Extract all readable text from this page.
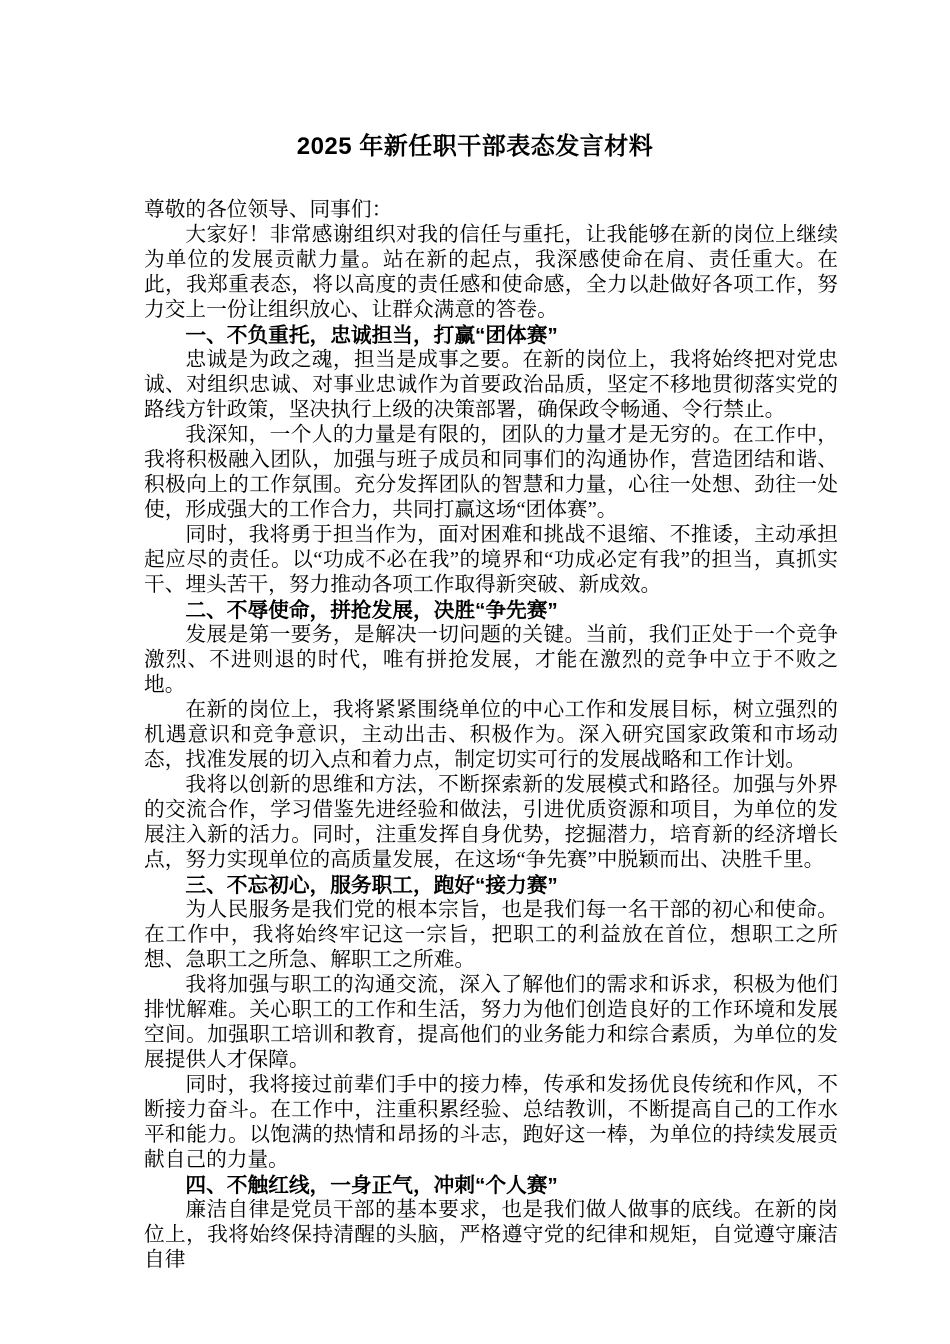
2025 年新任职干部表态发言材料

尊敬的各位领导、同事们：

大家好！非常感谢组织对我的信任与重托，让我能够在新的岗位上继续为单位的发展贡献力量。站在新的起点，我深感使命在肩、责任重大。在此，我郑重表态，将以高度的责任感和使命感，全力以赴做好各项工作，努力交上一份让组织放心、让群众满意的答卷。

一、不负重托，忠诚担当，打赢“团体赛”

忠诚是为政之魂，担当是成事之要。在新的岗位上，我将始终把对党忠诚、对组织忠诚、对事业忠诚作为首要政治品质，坚定不移地贯彻落实党的路线方针政策，坚决执行上级的决策部署，确保政令畅通、令行禁止。

我深知，一个人的力量是有限的，团队的力量才是无穷的。在工作中，我将积极融入团队，加强与班子成员和同事们的沟通协作，营造团结和谐、积极向上的工作氛围。充分发挥团队的智慧和力量，心往一处想、劲往一处使，形成强大的工作合力，共同打赢这场“团体赛”。

同时，我将勇于担当作为，面对困难和挑战不退缩、不推诿，主动承担起应尽的责任。以“功成不必在我”的境界和“功成必定有我”的担当，真抓实干、埋头苦干，努力推动各项工作取得新突破、新成效。

二、不辱使命，拼抢发展，决胜“争先赛”

发展是第一要务，是解决一切问题的关键。当前，我们正处于一个竞争激烈、不进则退的时代，唯有拼抢发展，才能在激烈的竞争中立于不败之地。

在新的岗位上，我将紧紧围绕单位的中心工作和发展目标，树立强烈的机遇意识和竞争意识，主动出击、积极作为。深入研究国家政策和市场动态，找准发展的切入点和着力点，制定切实可行的发展战略和工作计划。

我将以创新的思维和方法，不断探索新的发展模式和路径。加强与外界的交流合作，学习借鉴先进经验和做法，引进优质资源和项目，为单位的发展注入新的活力。同时，注重发挥自身优势，挖掘潜力，培育新的经济增长点，努力实现单位的高质量发展，在这场“争先赛”中脱颖而出、决胜千里。

三、不忘初心，服务职工，跑好“接力赛”

为人民服务是我们党的根本宗旨，也是我们每一名干部的初心和使命。在工作中，我将始终牢记这一宗旨，把职工的利益放在首位，想职工之所想、急职工之所急、解职工之所难。

我将加强与职工的沟通交流，深入了解他们的需求和诉求，积极为他们排忧解难。关心职工的工作和生活，努力为他们创造良好的工作环境和发展空间。加强职工培训和教育，提高他们的业务能力和综合素质，为单位的发展提供人才保障。

同时，我将接过前辈们手中的接力棒，传承和发扬优良传统和作风，不断接力奋斗。在工作中，注重积累经验、总结教训，不断提高自己的工作水平和能力。以饱满的热情和昂扬的斗志，跑好这一棒，为单位的持续发展贡献自己的力量。

四、不触红线，一身正气，冲刺“个人赛”

廉洁自律是党员干部的基本要求，也是我们做人做事的底线。在新的岗位上，我将始终保持清醒的头脑，严格遵守党的纪律和规矩，自觉遵守廉洁自律
